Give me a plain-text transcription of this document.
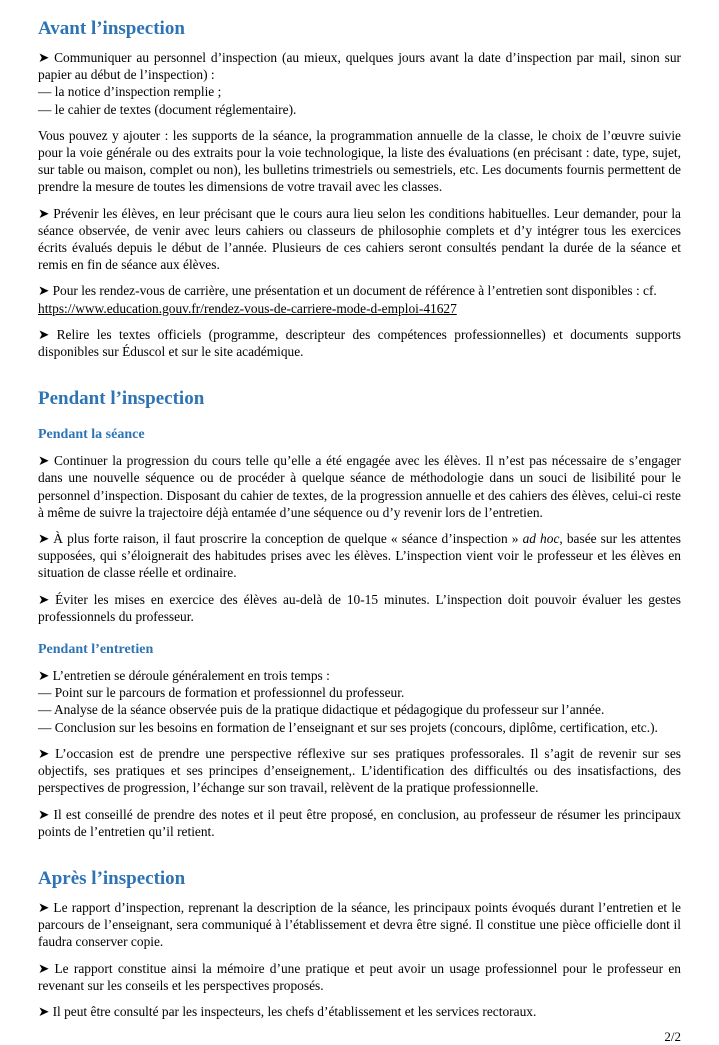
Avant l’inspection
➤ Communiquer au personnel d’inspection (au mieux, quelques jours avant la date d’inspection par mail, sinon sur papier au début de l’inspection) :
— la notice d’inspection remplie ;
— le cahier de textes (document réglementaire).
Vous pouvez y ajouter : les supports de la séance, la programmation annuelle de la classe, le choix de l’œuvre suivie pour la voie générale ou des extraits pour la voie technologique, la liste des évaluations (en précisant : date, type, sujet, sur table ou maison, complet ou non), les bulletins trimestriels ou semestriels, etc. Les documents fournis permettent de prendre la mesure de toutes les dimensions de votre travail avec les classes.
➤ Prévenir les élèves, en leur précisant que le cours aura lieu selon les conditions habituelles. Leur demander, pour la séance observée, de venir avec leurs cahiers ou classeurs de philosophie complets et d’y intégrer tous les exercices écrits évalués depuis le début de l’année. Plusieurs de ces cahiers seront consultés pendant la durée de la séance et remis en fin de séance aux élèves.
➤ Pour les rendez-vous de carrière, une présentation et un document de référence à l’entretien sont disponibles : cf.
https://www.education.gouv.fr/rendez-vous-de-carriere-mode-d-emploi-41627
➤ Relire les textes officiels (programme, descripteur des compétences professionnelles) et documents supports disponibles sur Éduscol et sur le site académique.
Pendant l’inspection
Pendant la séance
➤ Continuer la progression du cours telle qu’elle a été engagée avec les élèves. Il n’est pas nécessaire de s’engager dans une nouvelle séquence ou de procéder à quelque séance de méthodologie dans un souci de lisibilité pour le personnel d’inspection. Disposant du cahier de textes, de la progression annuelle et des cahiers des élèves, celui-ci reste à même de suivre la trajectoire déjà entamée d’une séquence ou d’y revenir lors de l’entretien.
➤ À plus forte raison, il faut proscrire la conception de quelque « séance d’inspection » ad hoc, basée sur les attentes supposées, qui s’éloignerait des habitudes prises avec les élèves. L’inspection vient voir le professeur et les élèves en situation de classe réelle et ordinaire.
➤ Éviter les mises en exercice des élèves au-delà de 10-15 minutes. L’inspection doit pouvoir évaluer les gestes professionnels du professeur.
Pendant l’entretien
➤ L’entretien se déroule généralement en trois temps :
— Point sur le parcours de formation et professionnel du professeur.
— Analyse de la séance observée puis de la pratique didactique et pédagogique du professeur sur l’année.
— Conclusion sur les besoins en formation de l’enseignant et sur ses projets (concours, diplôme, certification, etc.).
➤ L’occasion est de prendre une perspective réflexive sur ses pratiques professorales. Il s’agit de revenir sur ses objectifs, ses pratiques et ses principes d’enseignement,. L’identification des difficultés ou des insatisfactions, des perspectives de progression, l’échange sur son travail, relèvent de la pratique professionnelle.
➤ Il est conseillé de prendre des notes et il peut être proposé, en conclusion, au professeur de résumer les principaux points de l’entretien qu’il retient.
Après l’inspection
➤ Le rapport d’inspection, reprenant la description de la séance, les principaux points évoqués durant l’entretien et le parcours de l’enseignant, sera communiqué à l’établissement et devra être signé. Il constitue une pièce officielle dont il faudra conserver copie.
➤ Le rapport constitue ainsi la mémoire d’une pratique et peut avoir un usage professionnel pour le professeur en revenant sur les conseils et les perspectives proposés.
➤ Il peut être consulté par les inspecteurs, les chefs d’établissement et les services rectoraux.
2/2
